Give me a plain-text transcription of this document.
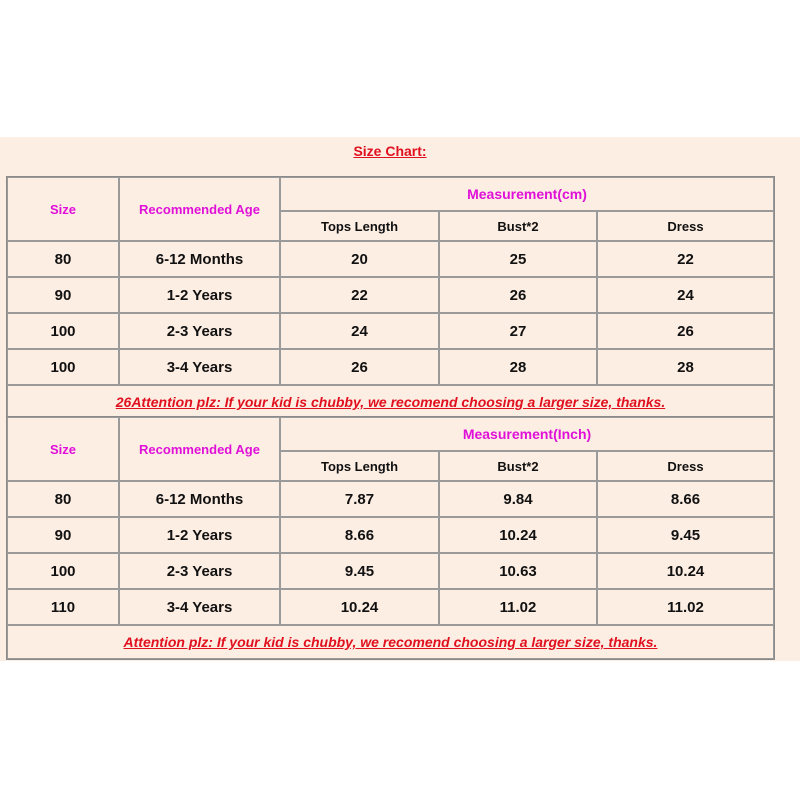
Size Chart:
Size	Recommended Age	Measurement(cm)		
		Tops Length	Bust*2	Dress
80	6-12 Months	20	25	22
90	1-2 Years	22	26	24
100	2-3 Years	24	27	26
100	3-4 Years	26	28	28
26Attention plz: If your kid is chubby, we recomend choosing a larger size, thanks.				
Size	Recommended Age	Measurement(Inch)		
		Tops Length	Bust*2	Dress
80	6-12 Months	7.87	9.84	8.66
90	1-2 Years	8.66	10.24	9.45
100	2-3 Years	9.45	10.63	10.24
110	3-4 Years	10.24	11.02	11.02
Attention plz: If your kid is chubby, we recomend choosing a larger size, thanks.				
